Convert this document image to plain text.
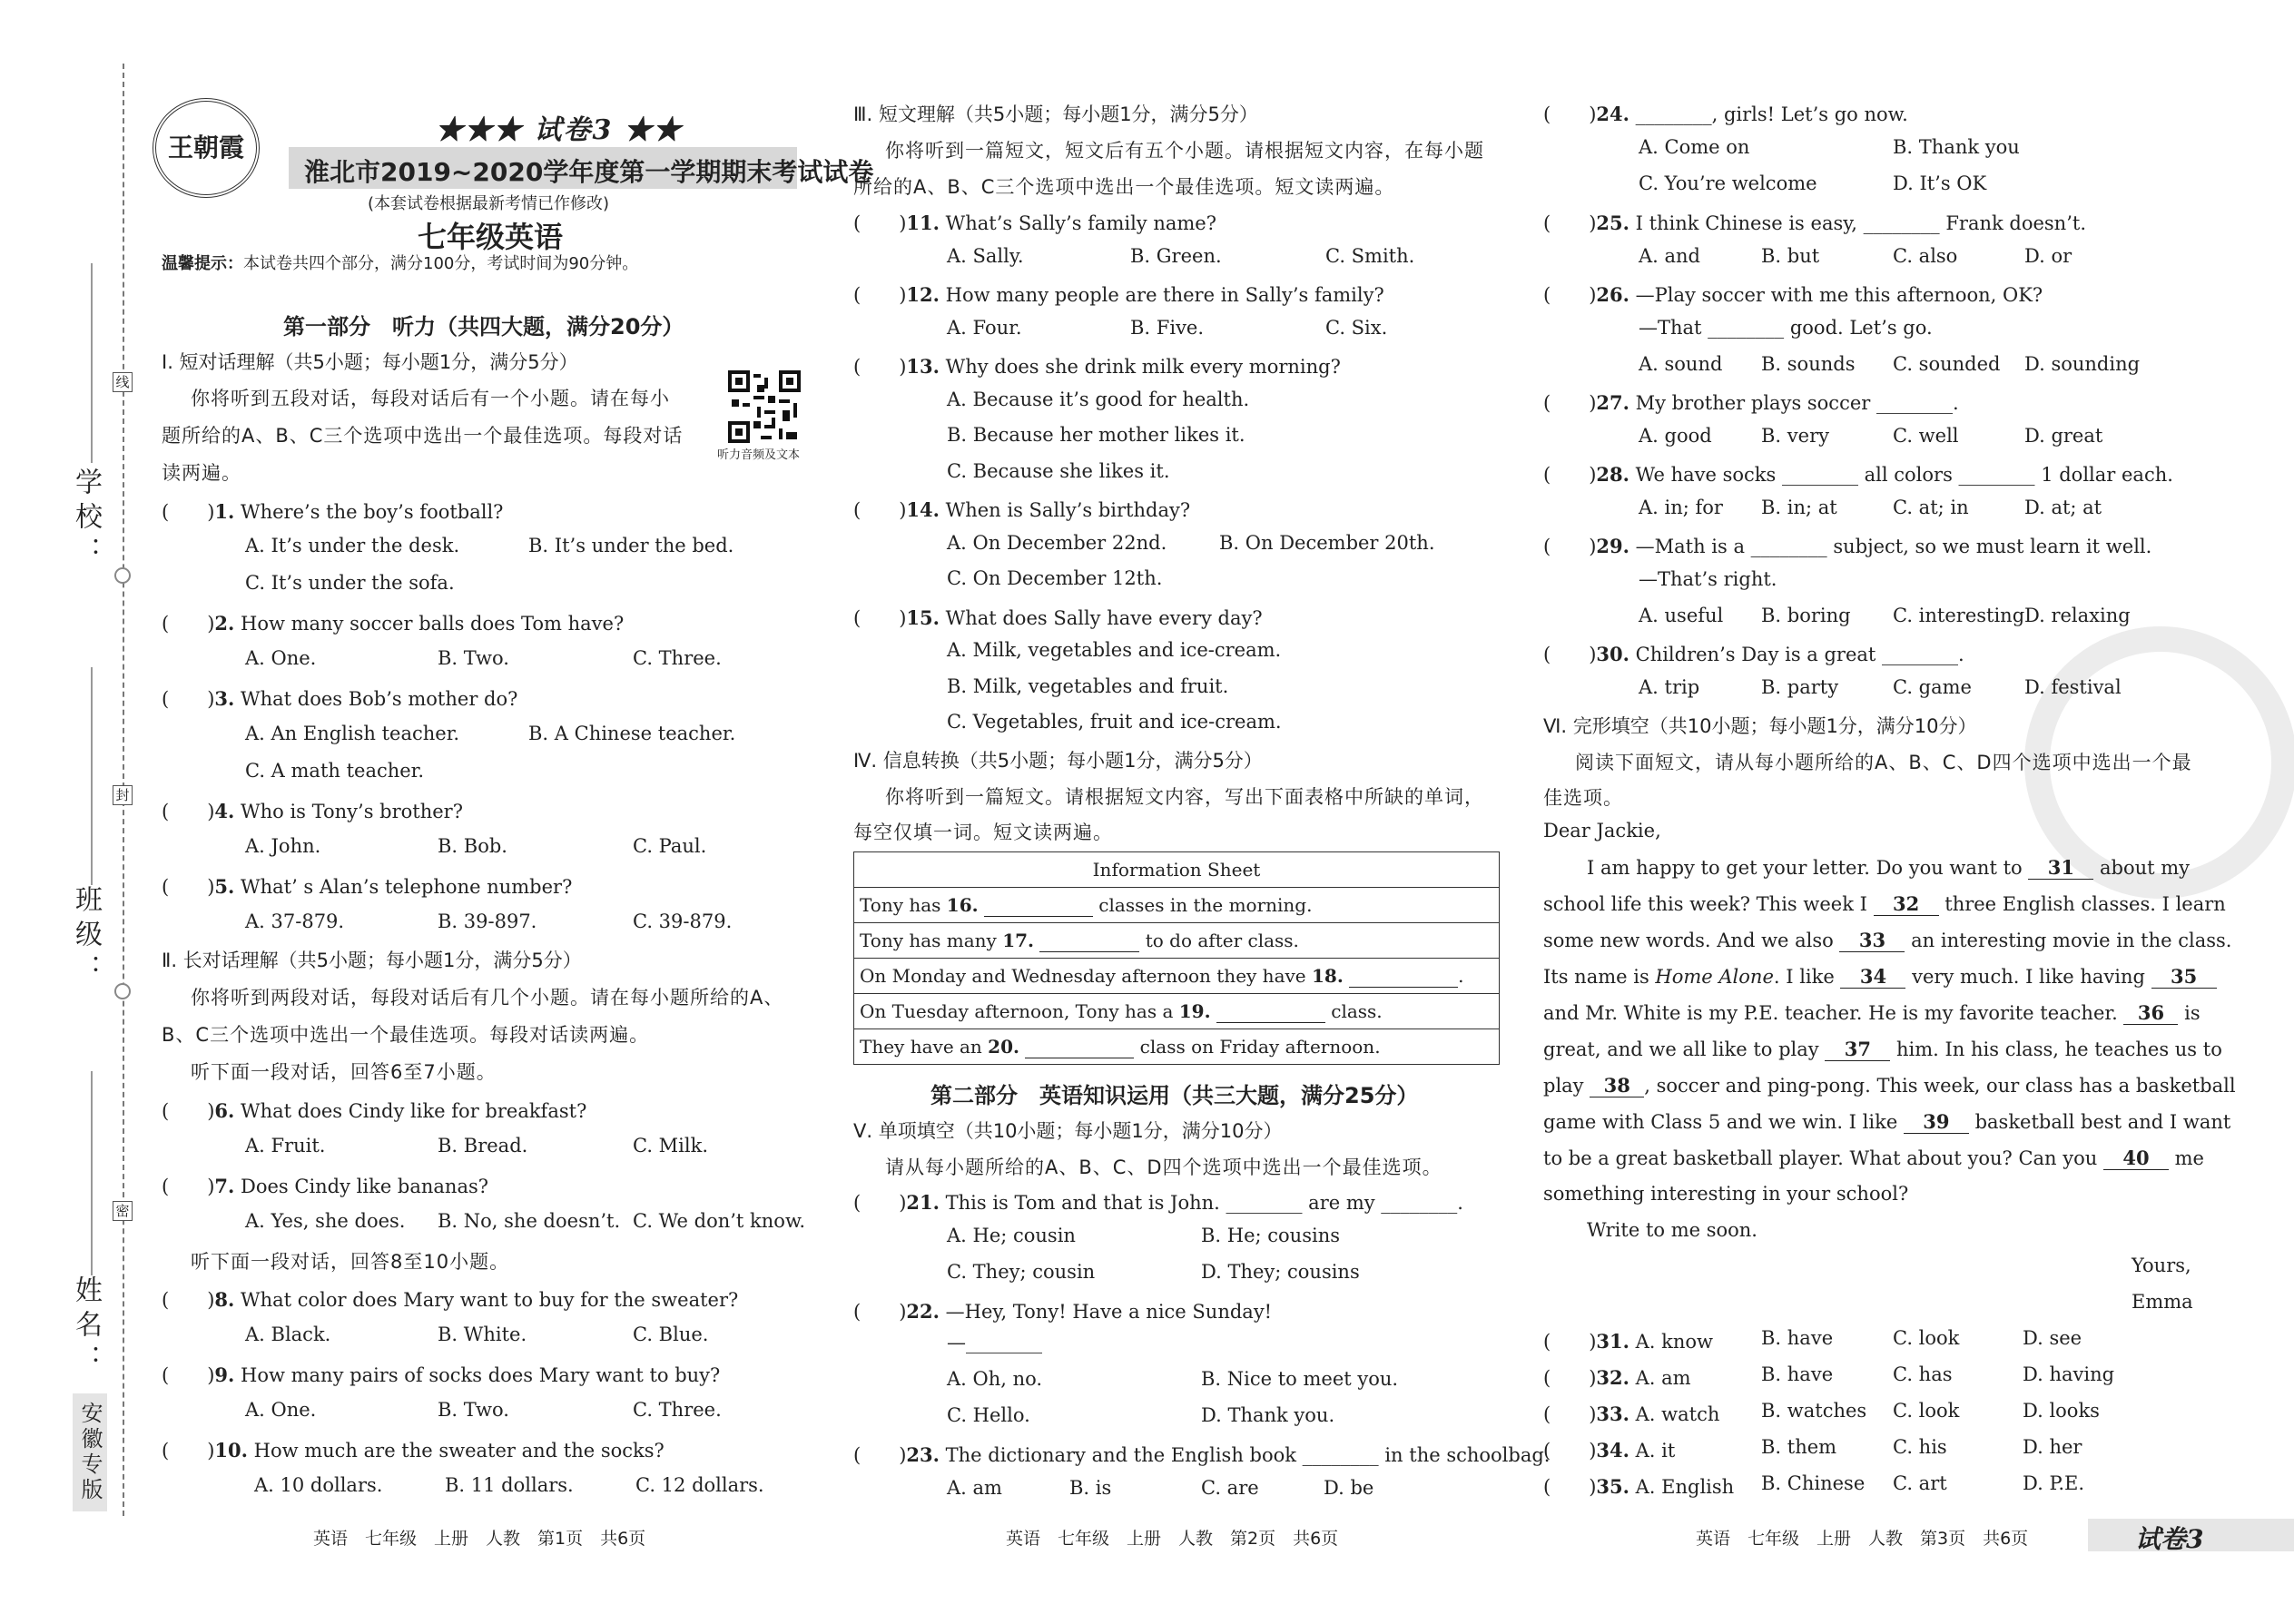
线
封
密
学校：
班级：
姓名：
安徽专版
王朝霞
★★★ 试卷3 ★★
淮北市2019~2020学年度第一学期期末考试试卷
(本套试卷根据最新考情已作修改)
七年级英语
温馨提示：本试卷共四个部分，满分100分，考试时间为90分钟。
第一部分　听力（共四大题，满分20分）
Ⅰ. 短对话理解（共5小题；每小题1分，满分5分）
你将听到五段对话，每段对话后有一个小题。请在每小
题所给的A、B、C三个选项中选出一个最佳选项。每段对话
读两遍。
听力音频及文本
(　　)1. Where’s the boy’s football?
A. It’s under the desk.	B. It’s under the bed.
C. It’s under the sofa.
(　　)2. How many soccer balls does Tom have?
A. One.	B. Two.	C. Three.
(　　)3. What does Bob’s mother do?
A. An English teacher.	B. A Chinese teacher.
C. A math teacher.
(　　)4. Who is Tony’s brother?
A. John.	B. Bob.	C. Paul.
(　　)5. What’ s Alan’s telephone number?
A. 37-879.	B. 39-897.	C. 39-879.
Ⅱ. 长对话理解（共5小题；每小题1分，满分5分）
你将听到两段对话，每段对话后有几个小题。请在每小题所给的A、
B、C三个选项中选出一个最佳选项。每段对话读两遍。
听下面一段对话，回答6至7小题。
(　　)6. What does Cindy like for breakfast?
A. Fruit.	B. Bread.	C. Milk.
(　　)7. Does Cindy like bananas?
A. Yes, she does. B. No, she doesn’t. C. We don’t know.
听下面一段对话，回答8至10小题。
(　　)8. What color does Mary want to buy for the sweater?
A. Black.	B. White.	C. Blue.
(　　)9. How many pairs of socks does Mary want to buy?
A. One.	B. Two.	C. Three.
(　　)10. How much are the sweater and the socks?
A. 10 dollars.	B. 11 dollars.	C. 12 dollars.
Ⅲ. 短文理解（共5小题；每小题1分，满分5分）
你将听到一篇短文，短文后有五个小题。请根据短文内容，在每小题
所给的A、B、C三个选项中选出一个最佳选项。短文读两遍。
(　　)11. What’s Sally’s family name?
A. Sally.	B. Green.	C. Smith.
(　　)12. How many people are there in Sally’s family?
A. Four.	B. Five.	C. Six.
(　　)13. Why does she drink milk every morning?
A. Because it’s good for health.
B. Because her mother likes it.
C. Because she likes it.
(　　)14. When is Sally’s birthday?
A. On December 22nd.	B. On December 20th.
C. On December 12th.
(　　)15. What does Sally have every day?
A. Milk, vegetables and ice-cream.
B. Milk, vegetables and fruit.
C. Vegetables, fruit and ice-cream.
Ⅳ. 信息转换（共5小题；每小题1分，满分5分）
你将听到一篇短文。请根据短文内容，写出下面表格中所缺的单词，
每空仅填一词。短文读两遍。
Information Sheet
Tony has 16.	classes in the morning.
Tony has many 17.	to do after class.
On Monday and Wednesday afternoon they have 18.	.
On Tuesday afternoon, Tony has a 19.	class.
They have an 20.	class on Friday afternoon.
第二部分　英语知识运用（共三大题，满分25分）
Ⅴ. 单项填空（共10小题；每小题1分，满分10分）
请从每小题所给的A、B、C、D四个选项中选出一个最佳选项。
(　　)21. This is Tom and that is John. ________ are my ________.
A. He; cousin	B. He; cousins
C. They; cousin	D. They; cousins
(　　)22. —Hey, Tony! Have a nice Sunday!
—________
A. Oh, no.	B. Nice to meet you.
C. Hello.	D. Thank you.
(　　)23. The dictionary and the English book ________ in the schoolbag.
A. am	B. is	C. are	D. be
(　　)24. ________, girls! Let’s go now.
A. Come on	B. Thank you
C. You’re welcome	D. It’s OK
(　　)25. I think Chinese is easy, ________ Frank doesn’t.
A. and	B. but	C. also	D. or
(　　)26. —Play soccer with me this afternoon, OK?
—That ________ good. Let’s go.
A. sound B. sounds C. sounded D. sounding
(　　)27. My brother plays soccer ________.
A. good	B. very	C. well	D. great
(　　)28. We have socks ________ all colors ________ 1 dollar each.
A. in; for B. in; at	C. at; in	D. at; at
(　　)29. —Math is a ________ subject, so we must learn it well.
—That’s right.
A. useful B. boring C. interesting D. relaxing
(　　)30. Children’s Day is a great ________.
A. trip	B. party	C. game	D. festival
Ⅵ. 完形填空（共10小题；每小题1分，满分10分）
阅读下面短文，请从每小题所给的A、B、C、D四个选项中选出一个最
佳选项。
Dear Jackie,
I am happy to get your letter. Do you want to 31 about my
school life this week? This week I 32 three English classes. I learn
some new words. And we also 33 an interesting movie in the class.
Its name is Home Alone. I like 34 very much. I like having 35
and Mr. White is my P.E. teacher. He is my favorite teacher. 36 is
great, and we all like to play 37 him. In his class, he teaches us to
play 38 , soccer and ping-pong. This week, our class has a basketball
game with Class 5 and we win. I like 39 basketball best and I want
to be a great basketball player. What about you? Can you 40 me
something interesting in your school?
Write to me soon.
Yours,
Emma
(　　)31. A. know	B. have	C. look	D. see
(　　)32. A. am	B. have	C. has	D. having
(　　)33. A. watch B. watches C. look	D. looks
(　　)34. A. it	B. them	C. his	D. her
(　　)35. A. English B. Chinese C. art	D. P.E.
英语　七年级　上册　人教　第1页　共6页	英语　七年级　上册　人教　第2页　共6页	英语　七年级　上册　人教　第3页　共6页	试卷3
